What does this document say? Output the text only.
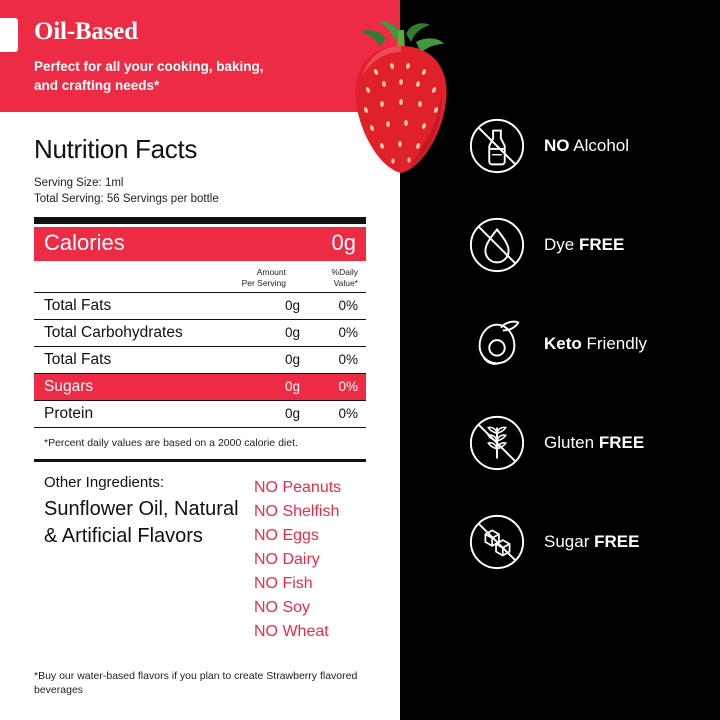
Oil-Based
Perfect for all your cooking, baking, and crafting needs*
Nutrition Facts
Serving Size: 1ml
Total Serving: 56 Servings per bottle
Calories	0g
Amount
Per Serving
%Daily
Value*
Total Fats	0g	0%
Total Carbohydrates	0g	0%
Total Fats	0g	0%
Sugars	0g	0%
Protein	0g	0%
*Percent daily values are based on a 2000 calorie diet.
Other Ingredients:
Sunflower Oil, Natural & Artificial Flavors
NO Peanuts
NO Shelfish
NO Eggs
NO Dairy
NO Fish
NO Soy
NO Wheat
*Buy our water-based flavors if you plan to create Strawberry flavored beverages
NO Alcohol
Dye FREE
Keto Friendly
Gluten FREE
Sugar FREE
